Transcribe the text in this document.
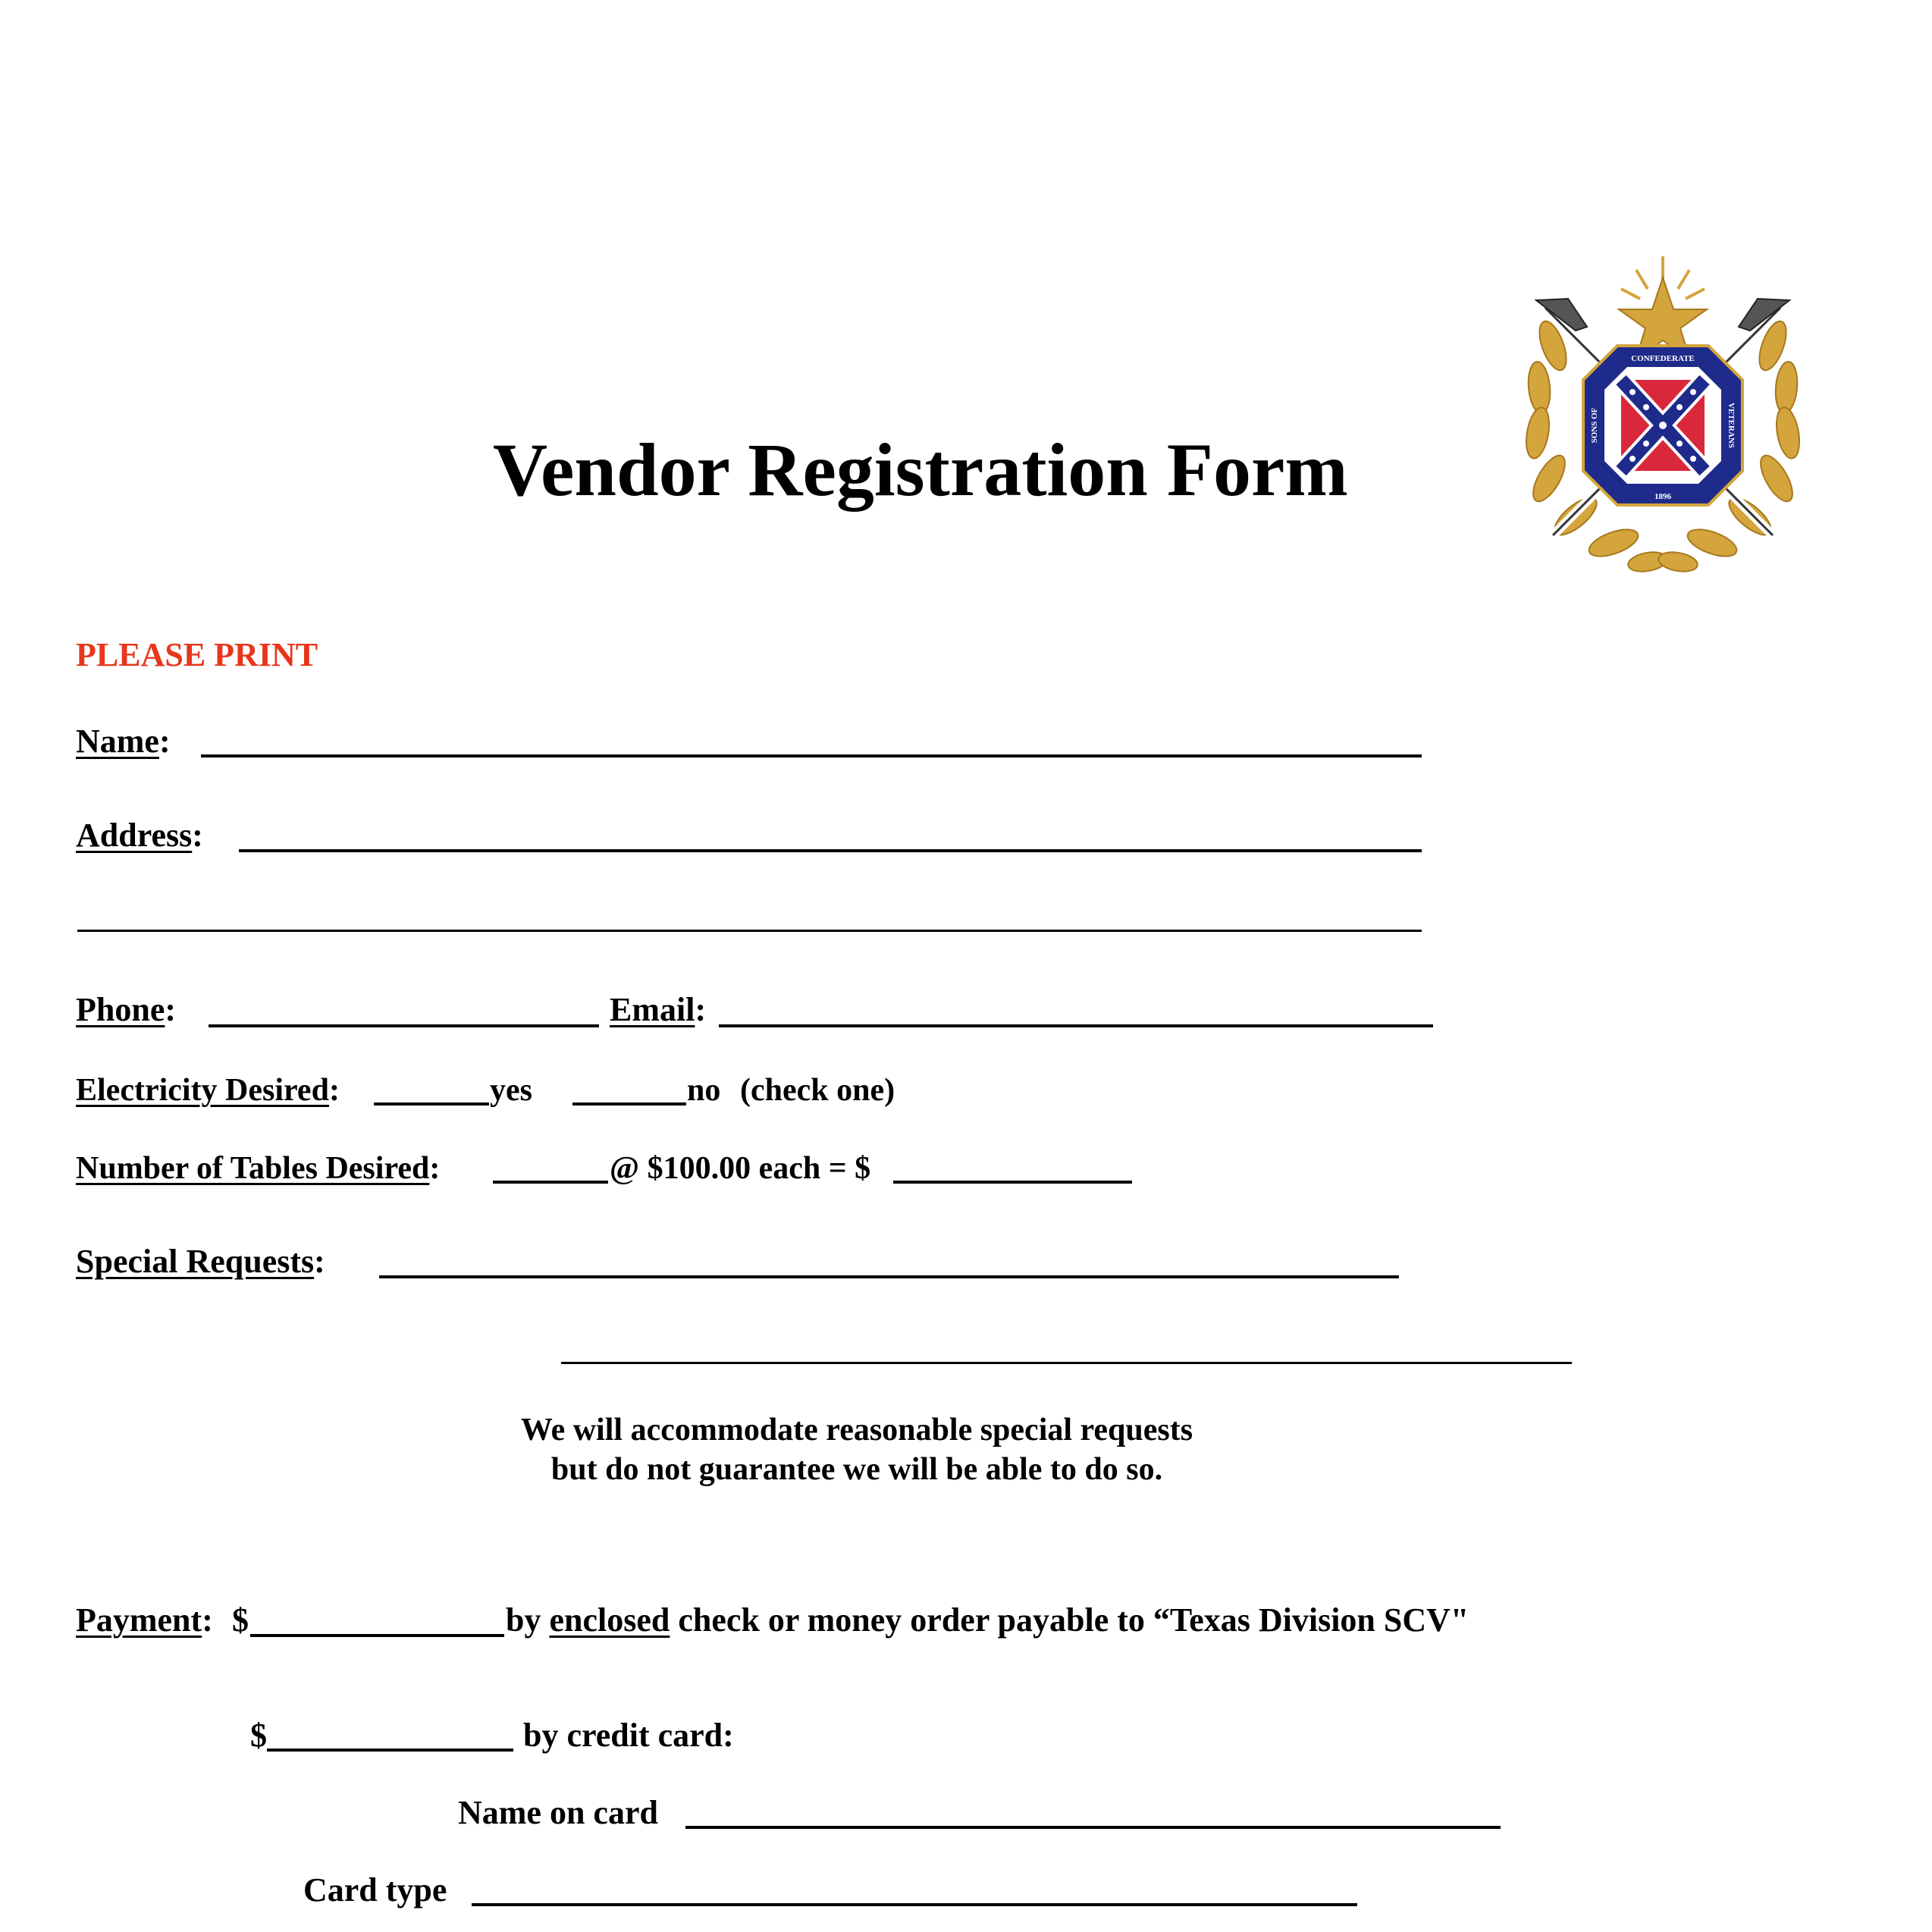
Vendor Registration Form
CONFEDERATE
1896
SONS OF	VETERANS
PLEASE PRINT
Name:
Address:
Phone:	Email:
Electricity Desired:	yes	no (check one)
Number of Tables Desired:	@ $100.00 each = $
Special Requests:
We will accommodate reasonable special requests
but do not guarantee we will be able to do so.
Payment: $	by enclosed check or money order payable to “Texas Division SCV"
$	by credit card:
Name on card
Card type
